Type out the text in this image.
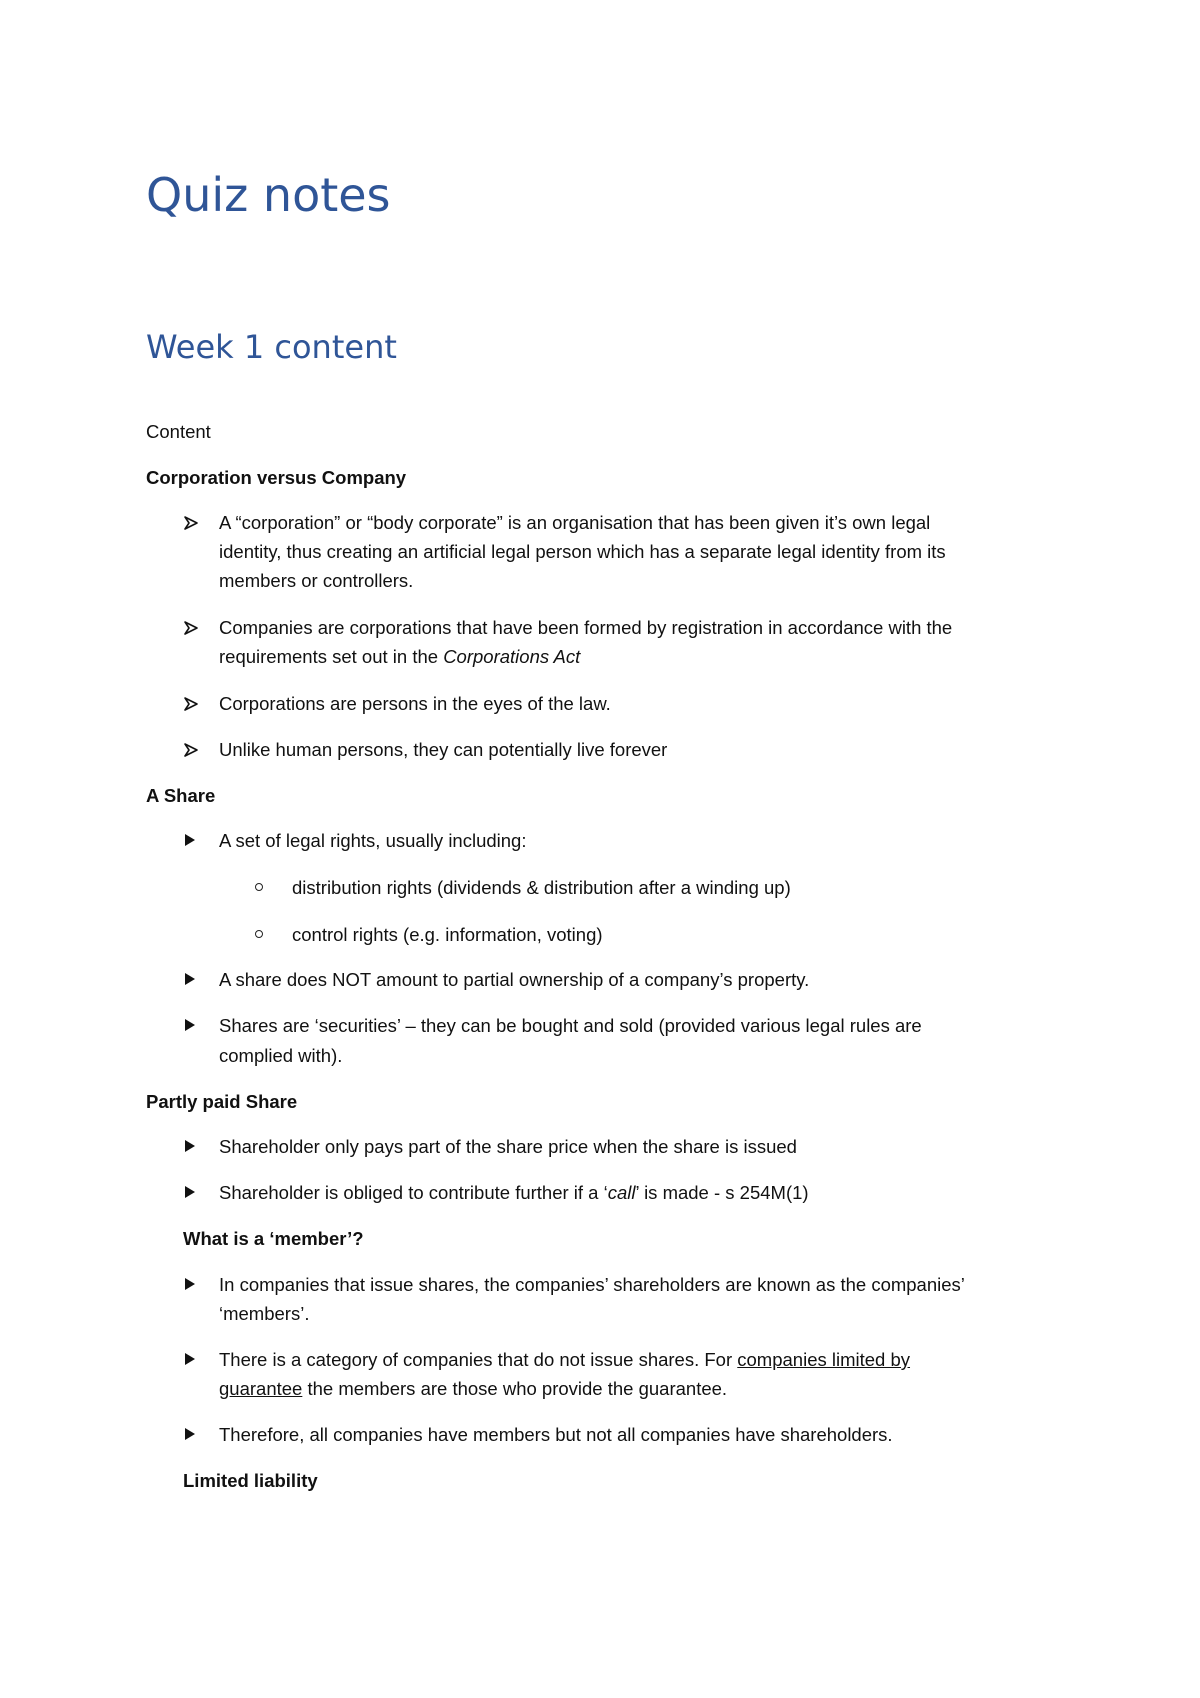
Quiz notes
Week 1 content

Content

Corporation versus Company

A “corporation” or “body corporate” is an organisation that has been given it’s own legal

identity, thus creating an artificial legal person which has a separate legal identity from its

members or controllers.

Companies are corporations that have been formed by registration in accordance with the

requirements set out in the Corporations Act

Corporations are persons in the eyes of the law.

Unlike human persons, they can potentially live forever

A Share

A set of legal rights, usually including:

distribution rights (dividends & distribution after a winding up)

control rights (e.g. information, voting)

A share does NOT amount to partial ownership of a company’s property.

Shares are ‘securities’ – they can be bought and sold (provided various legal rules are

complied with).

Partly paid Share

Shareholder only pays part of the share price when the share is issued

Shareholder is obliged to contribute further if a ‘call’ is made - s 254M(1)

What is a ‘member’?

In companies that issue shares, the companies’ shareholders are known as the companies’

‘members’.

There is a category of companies that do not issue shares. For companies limited by

guarantee the members are those who provide the guarantee.

Therefore, all companies have members but not all companies have shareholders.

Limited liability
